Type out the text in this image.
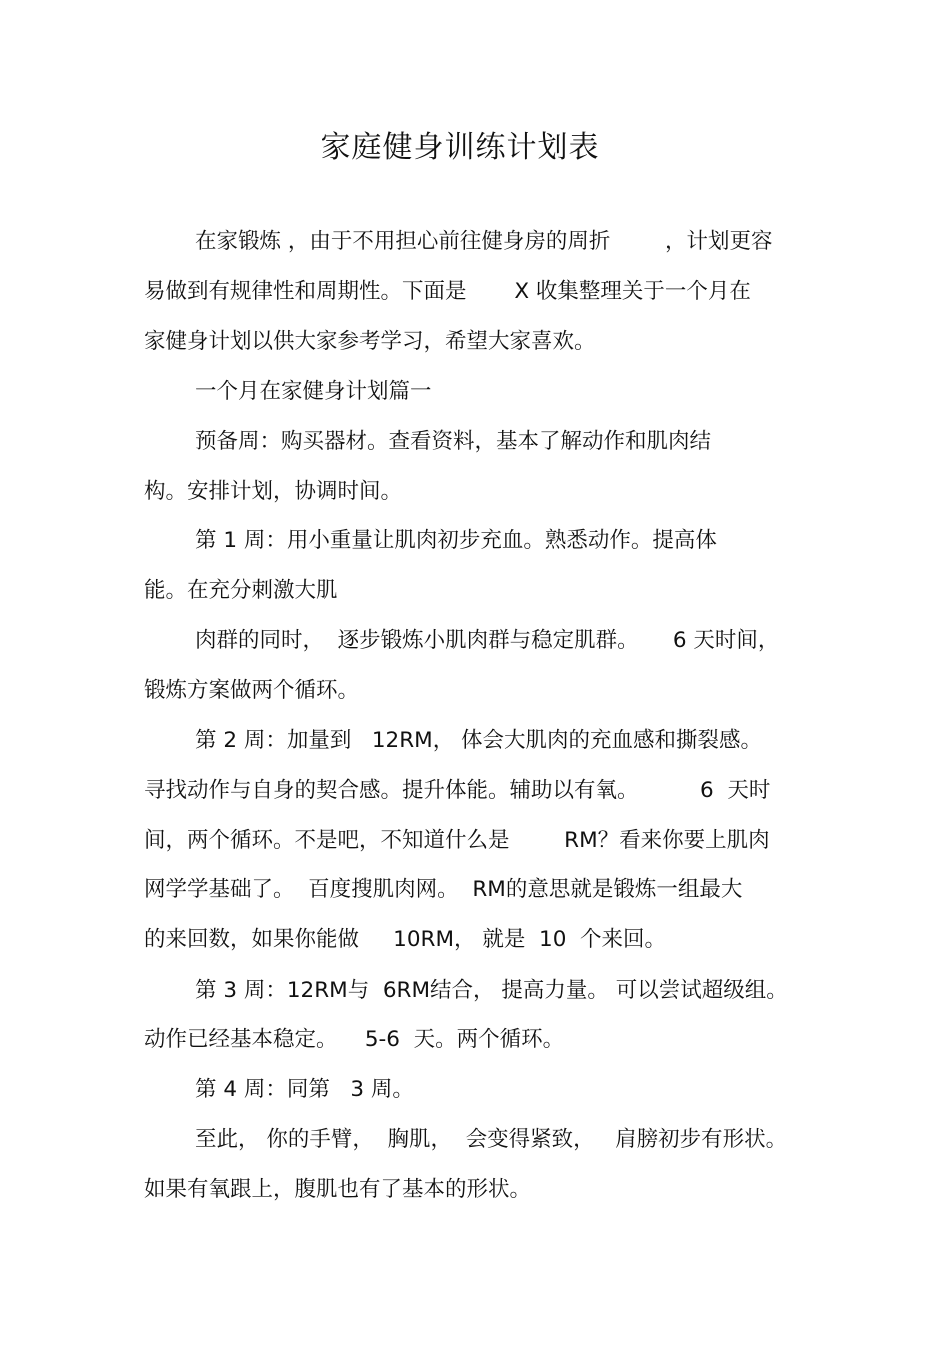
家庭健身训练计划表
在家锻炼 ，由于不用担心前往健身房的周折        ，计划更容
易做到有规律性和周期性。下面是       X 收集整理关于一个月在
家健身计划以供大家参考学习，希望大家喜欢。
一个月在家健身计划篇一
预备周：购买器材。查看资料，基本了解动作和肌肉结
构。安排计划，协调时间。
第 1 周：用小重量让肌肉初步充血。熟悉动作。提高体
能。在充分刺激大肌
肉群的同时，  逐步锻炼小肌肉群与稳定肌群。     6 天时间，
锻炼方案做两个循环。
第 2 周：加量到   12RM， 体会大肌肉的充血感和撕裂感。
寻找动作与自身的契合感。提升体能。辅助以有氧。         6  天时
间，两个循环。不是吧，不知道什么是        RM？看来你要上肌肉
网学学基础了。  百度搜肌肉网。  RM的意思就是锻炼一组最大
的来回数，如果你能做     10RM， 就是  10  个来回。
第 3 周：12RM与  6RM结合， 提高力量。 可以尝试超级组。
动作已经基本稳定。    5-6  天。两个循环。
第 4 周：同第   3 周。
至此， 你的手臂，  胸肌，  会变得紧致，   肩膀初步有形状。
如果有氧跟上，腹肌也有了基本的形状。
